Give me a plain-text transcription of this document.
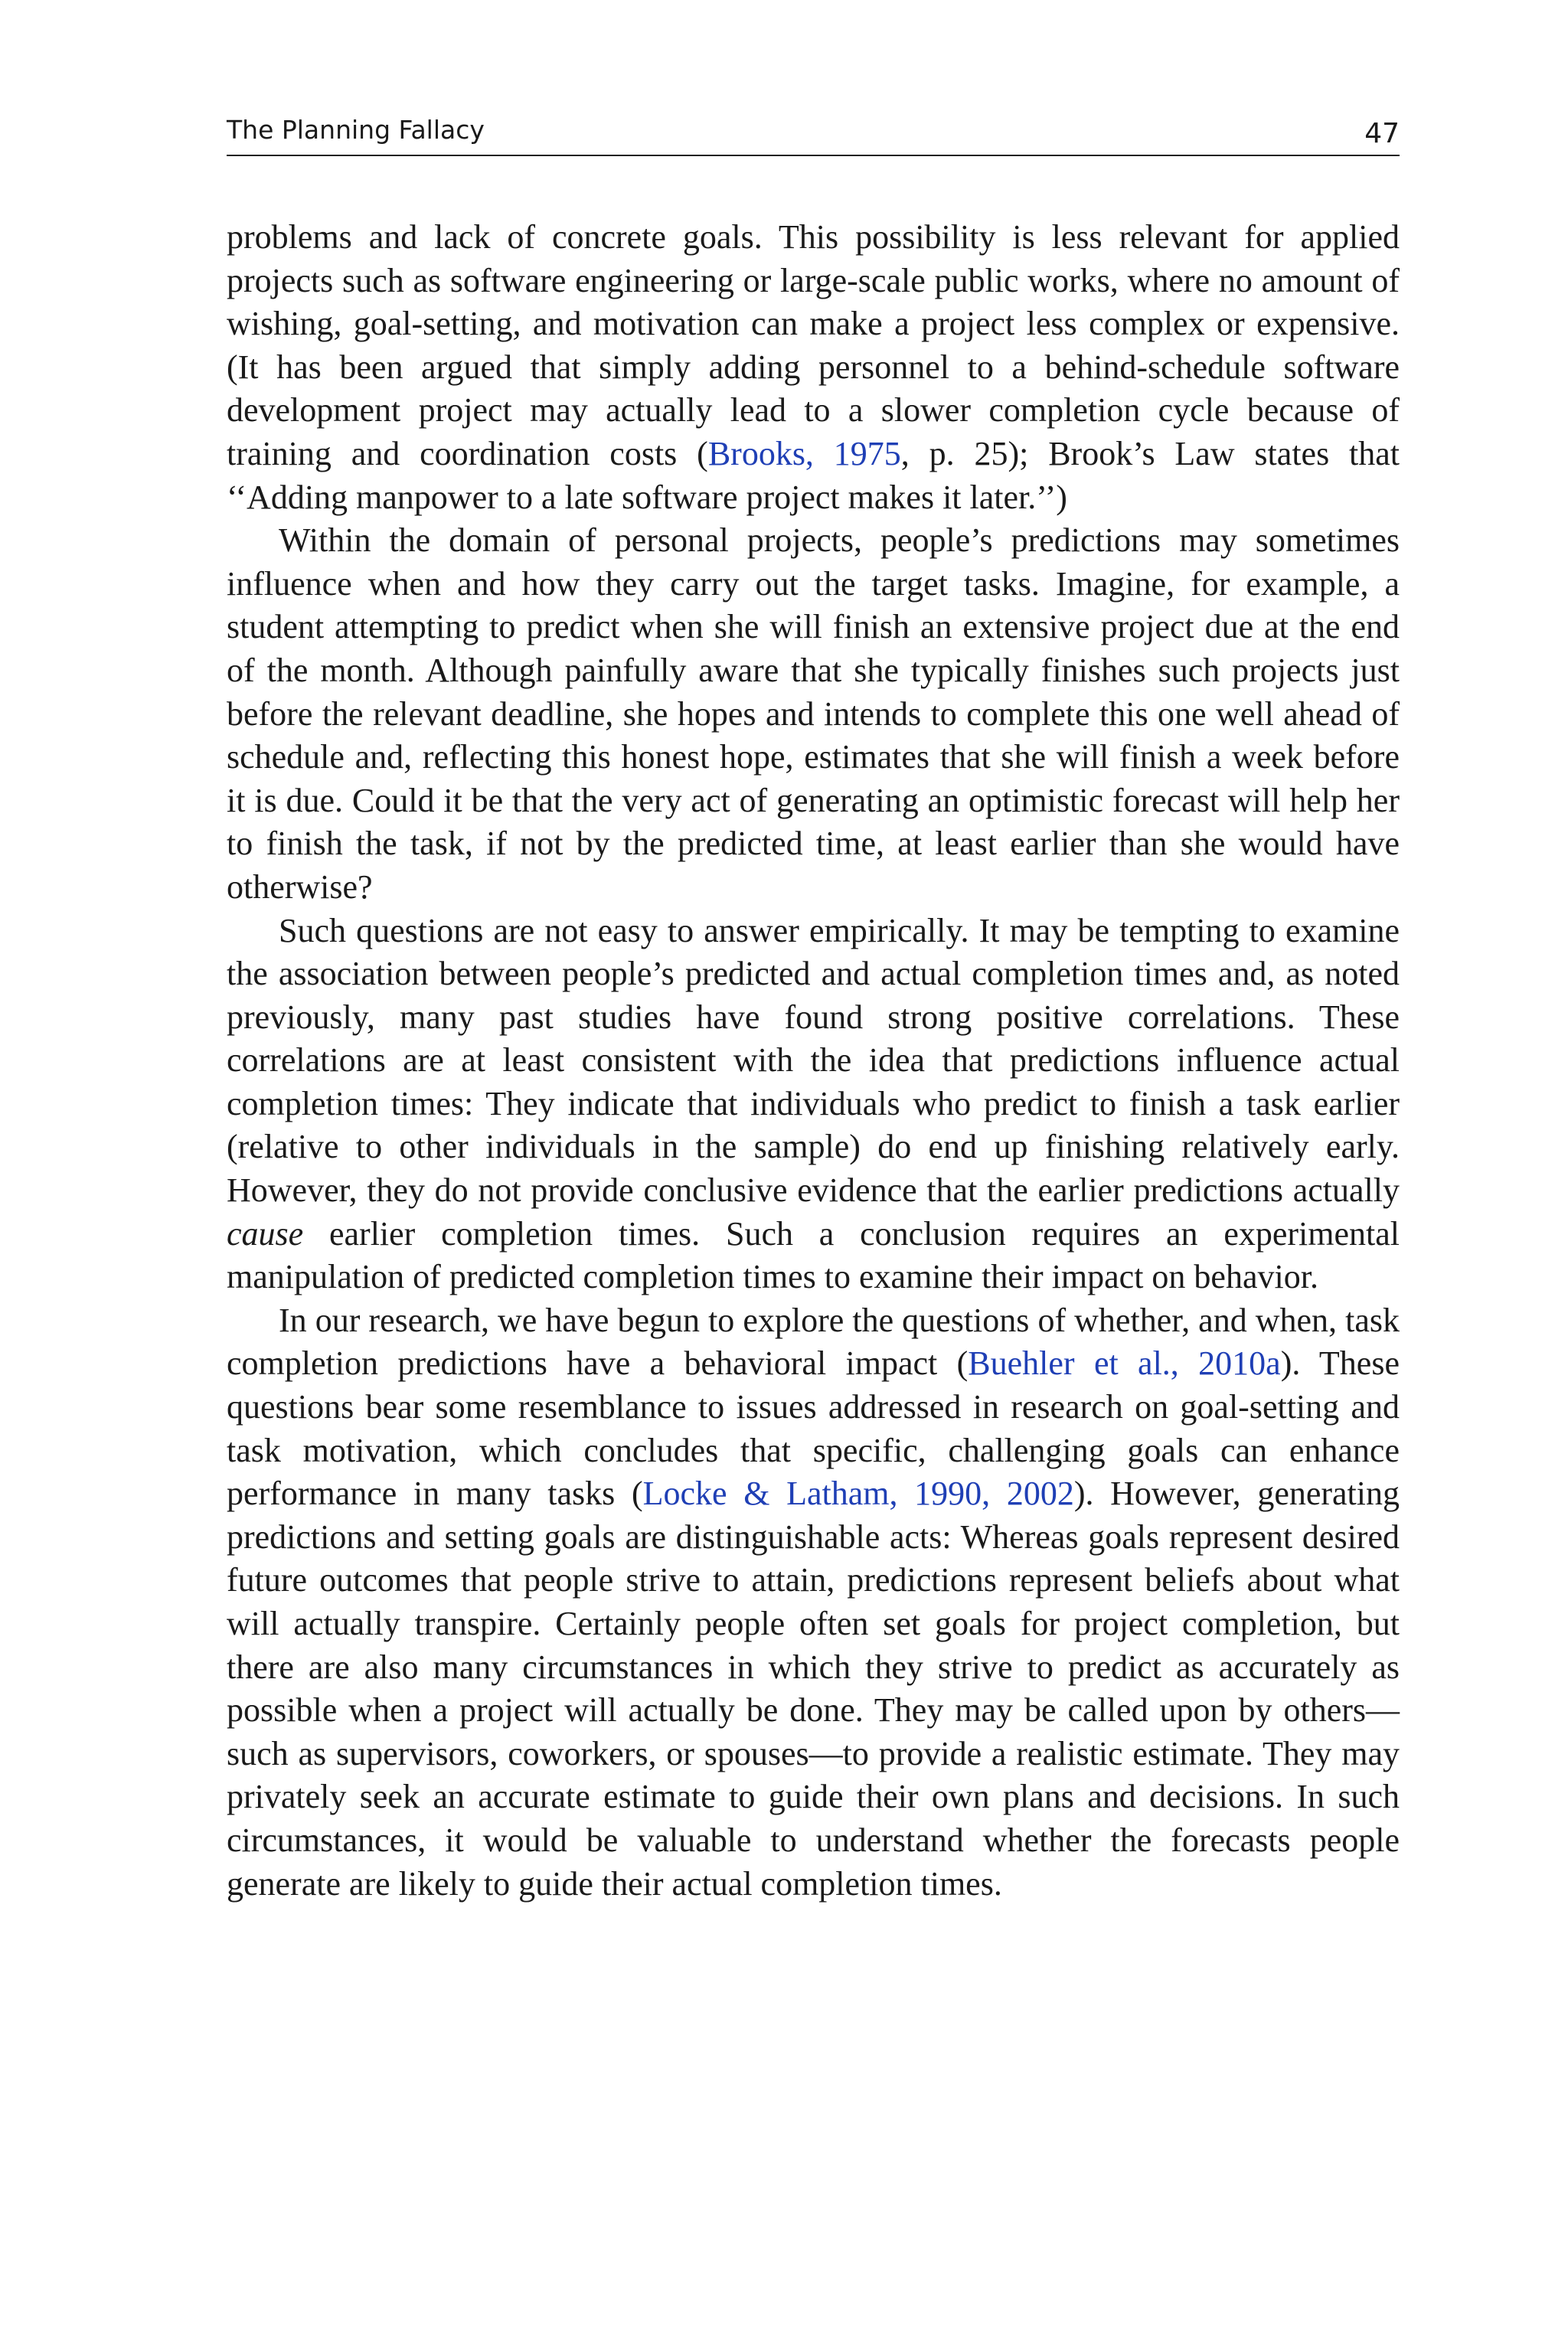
The Planning Fallacy	47

problems and lack of concrete goals. This possibility is less relevant for applied projects such as software engineering or large-scale public works, where no amount of wishing, goal-setting, and motivation can make a project less complex or expensive. (It has been argued that simply adding personnel to a behind-schedule software development project may actually lead to a slower completion cycle because of training and coordination costs (Brooks, 1975, p. 25); Brook’s Law states that ‘‘Adding manpower to a late software project makes it later.’’)

Within the domain of personal projects, people’s predictions may sometimes influence when and how they carry out the target tasks. Imagine, for example, a student attempting to predict when she will finish an extensive project due at the end of the month. Although painfully aware that she typically finishes such projects just before the relevant deadline, she hopes and intends to complete this one well ahead of schedule and, reflecting this honest hope, estimates that she will finish a week before it is due. Could it be that the very act of generating an optimistic forecast will help her to finish the task, if not by the predicted time, at least earlier than she would have otherwise?

Such questions are not easy to answer empirically. It may be tempting to examine the association between people’s predicted and actual completion times and, as noted previously, many past studies have found strong positive correlations. These correlations are at least consistent with the idea that predictions influence actual completion times: They indicate that individuals who predict to finish a task earlier (relative to other individuals in the sample) do end up finishing relatively early. However, they do not provide conclusive evidence that the earlier predictions actually cause earlier completion times. Such a conclusion requires an experimental manipulation of predicted completion times to examine their impact on behavior.

In our research, we have begun to explore the questions of whether, and when, task completion predictions have a behavioral impact (Buehler et al., 2010a). These questions bear some resemblance to issues addressed in research on goal-setting and task motivation, which concludes that specific, challenging goals can enhance performance in many tasks (Locke & Latham, 1990, 2002). However, generating predictions and setting goals are distinguishable acts: Whereas goals represent desired future outcomes that people strive to attain, predictions represent beliefs about what will actually transpire. Certainly people often set goals for project completion, but there are also many circumstances in which they strive to predict as accurately as possible when a project will actually be done. They may be called upon by others—such as supervisors, coworkers, or spouses—to provide a realistic estimate. They may privately seek an accurate estimate to guide their own plans and decisions. In such circumstances, it would be valuable to understand whether the forecasts people generate are likely to guide their actual completion times.
